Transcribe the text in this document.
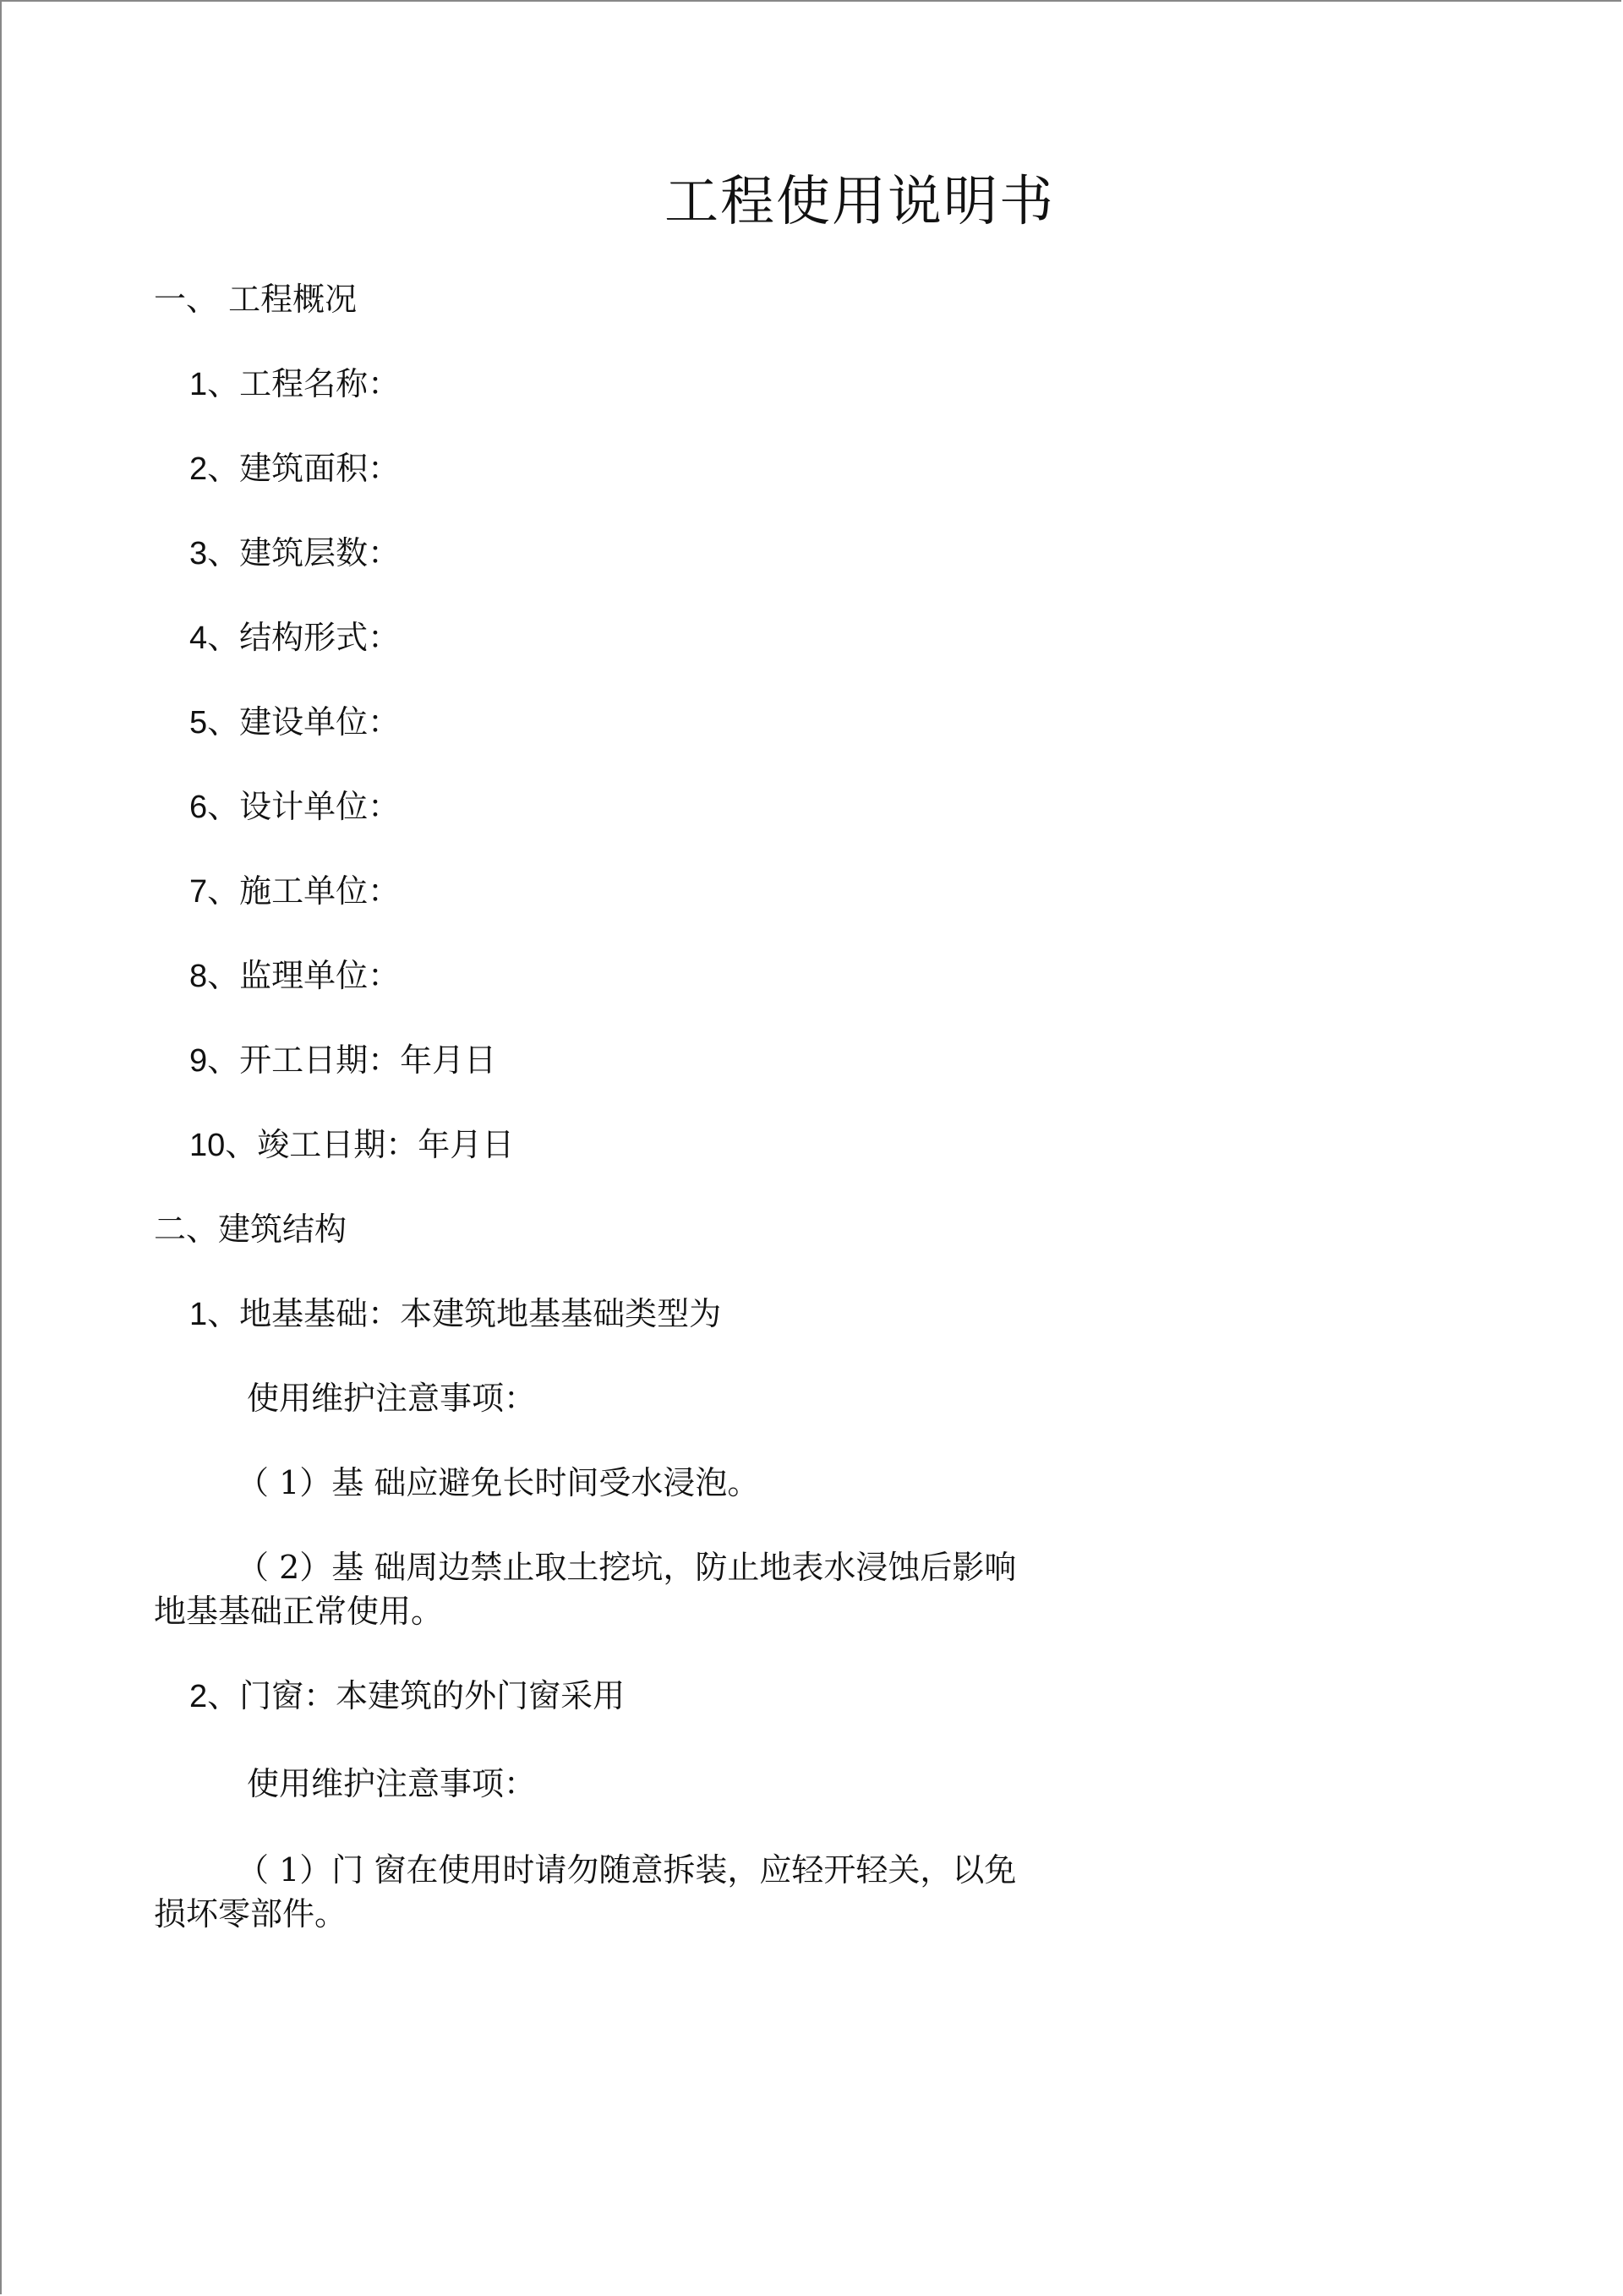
工程使用说明书
一、 工程概况
1、工程名称：
2、建筑面积：
3、建筑层数：
4、结构形式：
5、建设单位：
6、设计单位：
7、施工单位：
8、监理单位：
9、开工日期：年月日
10、竣工日期：年月日
二、建筑结构
1、地基基础：本建筑地基基础类型为
使用维护注意事项：
（ 1）基 础应避免长时间受水浸泡。
（ 2）基 础周边禁止取土挖坑，防止地表水浸蚀后影响
地基基础正常使用。
2、门窗：本建筑的外门窗采用
使用维护注意事项：
（ 1）门 窗在使用时请勿随意拆装，应轻开轻关，以免
损坏零部件。
